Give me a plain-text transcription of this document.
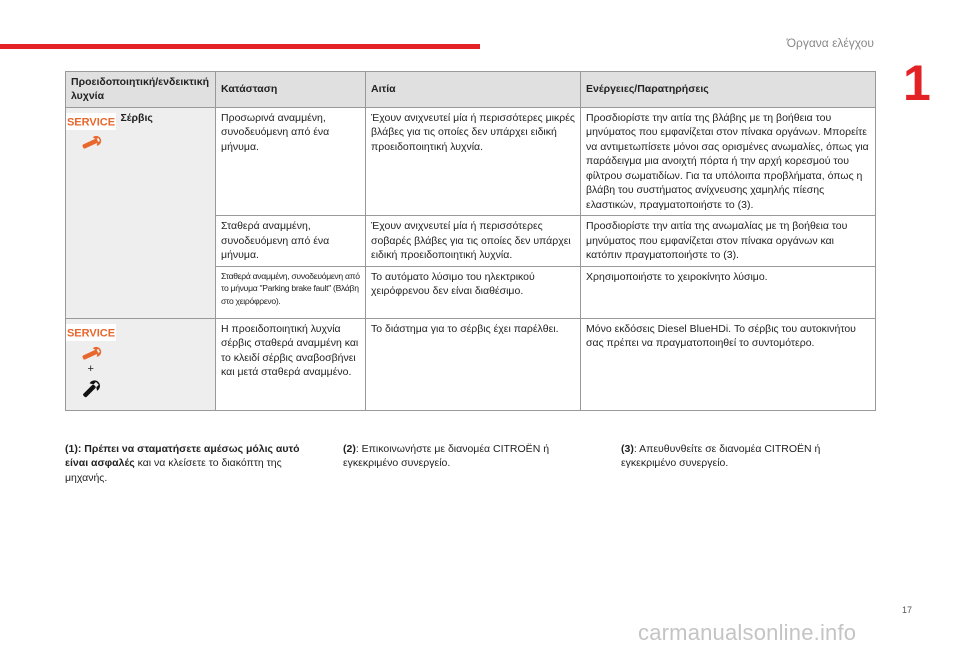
Όργανα ελέγχου
1
Προειδοποιητική/ενδεικτική λυχνία		Κατάσταση	Αιτία	Ενέργειες/Παρατηρήσεις

SERVICE	Σέρβις	Προσωρινά αναμμένη, συνοδευόμενη από ένα μήνυμα.	Έχουν ανιχνευτεί μία ή περισσότερες μικρές βλάβες για τις οποίες δεν υπάρχει ειδική προειδοποιητική λυχνία.	Προσδιορίστε την αιτία της βλάβης με τη βοήθεια του μηνύματος που εμφανίζεται στον πίνακα οργάνων. Μπορείτε να αντιμετωπίσετε μόνοι σας ορισμένες ανωμαλίες, όπως για παράδειγμα μια ανοιχτή πόρτα ή την αρχή κορεσμού του φίλτρου σωματιδίων. Για τα υπόλοιπα προβλήματα, όπως η βλάβη του συστήματος ανίχνευσης χαμηλής πίεσης ελαστικών, πραγματοποιήστε το (3).
		Σταθερά αναμμένη, συνοδευόμενη από ένα μήνυμα.	Έχουν ανιχνευτεί μία ή περισσότερες σοβαρές βλάβες για τις οποίες δεν υπάρχει ειδική προειδοποιητική λυχνία.	Προσδιορίστε την αιτία της ανωμαλίας με τη βοήθεια του μηνύματος που εμφανίζεται στον πίνακα οργάνων και κατόπιν πραγματοποιήστε το (3).
		Σταθερά αναμμένη, συνοδευόμενη από το μήνυμα "Parking brake fault" (Βλάβη στο χειρόφρενο).	Το αυτόματο λύσιμο του ηλεκτρικού χειρόφρενου δεν είναι διαθέσιμο.	Χρησιμοποιήστε το χειροκίνητο λύσιμο.

SERVICE
+		Η προειδοποιητική λυχνία σέρβις σταθερά αναμμένη και το κλειδί σέρβις αναβοσβήνει και μετά σταθερά αναμμένο.	Το διάστημα για το σέρβις έχει παρέλθει.	Μόνο εκδόσεις Diesel BlueHDi. Το σέρβις του αυτοκινήτου σας πρέπει να πραγματοποιηθεί το συντομότερο.
(1): Πρέπει να σταματήσετε αμέσως μόλις αυτό είναι ασφαλές και να κλείσετε το διακόπτη της μηχανής.
(2): Επικοινωνήστε με διανομέα CITROËN ή εγκεκριμένο συνεργείο.
(3): Απευθυνθείτε σε διανομέα CITROËN ή εγκεκριμένο συνεργείο.
17
carmanualsonline.info
